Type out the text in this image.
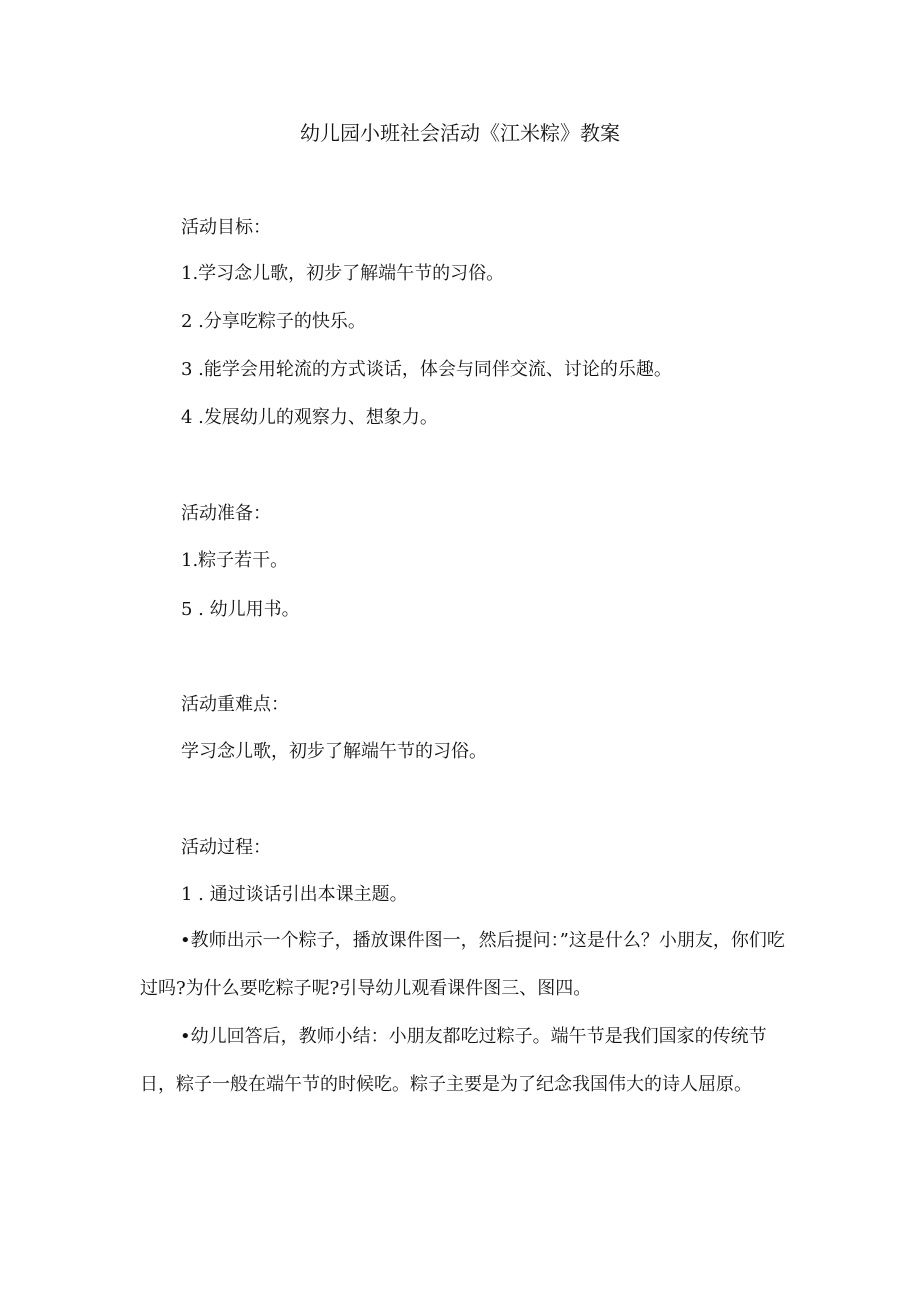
幼儿园小班社会活动《江米粽》教案
活动目标：
1.学习念儿歌，初步了解端午节的习俗。
2 .分享吃粽子的快乐。
3 .能学会用轮流的方式谈话，体会与同伴交流、讨论的乐趣。
4 .发展幼儿的观察力、想象力。
活动准备：
1.粽子若干。
5 . 幼儿用书。
活动重难点：
学习念儿歌，初步了解端午节的习俗。
活动过程：
1 . 通过谈话引出本课主题。

•教师出示一个粽子，播放课件图一，然后提问：”这是什么？小朋友，你们吃过吗?为什么要吃粽子呢?引导幼儿观看课件图三、图四。

•幼儿回答后，教师小结：小朋友都吃过粽子。端午节是我们国家的传统节日，粽子一般在端午节的时候吃。粽子主要是为了纪念我国伟大的诗人屈原。
